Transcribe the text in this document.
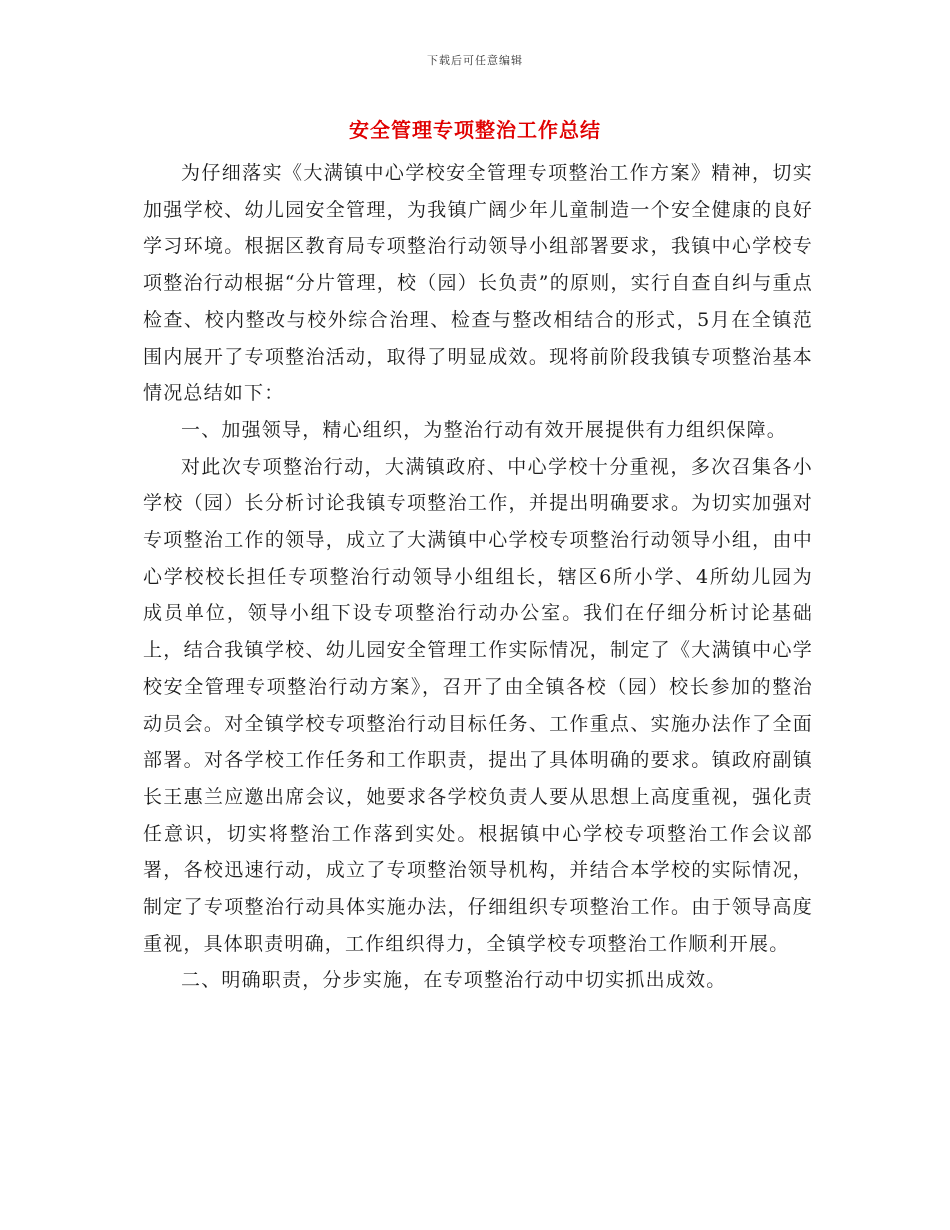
下载后可任意编辑
安全管理专项整治工作总结

为仔细落实《大满镇中心学校安全管理专项整治工作方案》精神，切实加强学校、幼儿园安全管理，为我镇广阔少年儿童制造一个安全健康的良好学习环境。根据区教育局专项整治行动领导小组部署要求，我镇中心学校专项整治行动根据“分片管理，校（园）长负责”的原则，实行自查自纠与重点检查、校内整改与校外综合治理、检查与整改相结合的形式，5月在全镇范围内展开了专项整治活动，取得了明显成效。现将前阶段我镇专项整治基本情况总结如下：

一、加强领导，精心组织，为整治行动有效开展提供有力组织保障。

对此次专项整治行动，大满镇政府、中心学校十分重视，多次召集各小学校（园）长分析讨论我镇专项整治工作，并提出明确要求。为切实加强对专项整治工作的领导，成立了大满镇中心学校专项整治行动领导小组，由中心学校校长担任专项整治行动领导小组组长，辖区6所小学、4所幼儿园为成员单位，领导小组下设专项整治行动办公室。我们在仔细分析讨论基础上，结合我镇学校、幼儿园安全管理工作实际情况，制定了《大满镇中心学校安全管理专项整治行动方案》，召开了由全镇各校（园）校长参加的整治动员会。对全镇学校专项整治行动目标任务、工作重点、实施办法作了全面部署。对各学校工作任务和工作职责，提出了具体明确的要求。镇政府副镇长王惠兰应邀出席会议，她要求各学校负责人要从思想上高度重视，强化责任意识，切实将整治工作落到实处。根据镇中心学校专项整治工作会议部署，各校迅速行动，成立了专项整治领导机构，并结合本学校的实际情况，制定了专项整治行动具体实施办法，仔细组织专项整治工作。由于领导高度重视，具体职责明确，工作组织得力，全镇学校专项整治工作顺利开展。

二、明确职责，分步实施，在专项整治行动中切实抓出成效。
